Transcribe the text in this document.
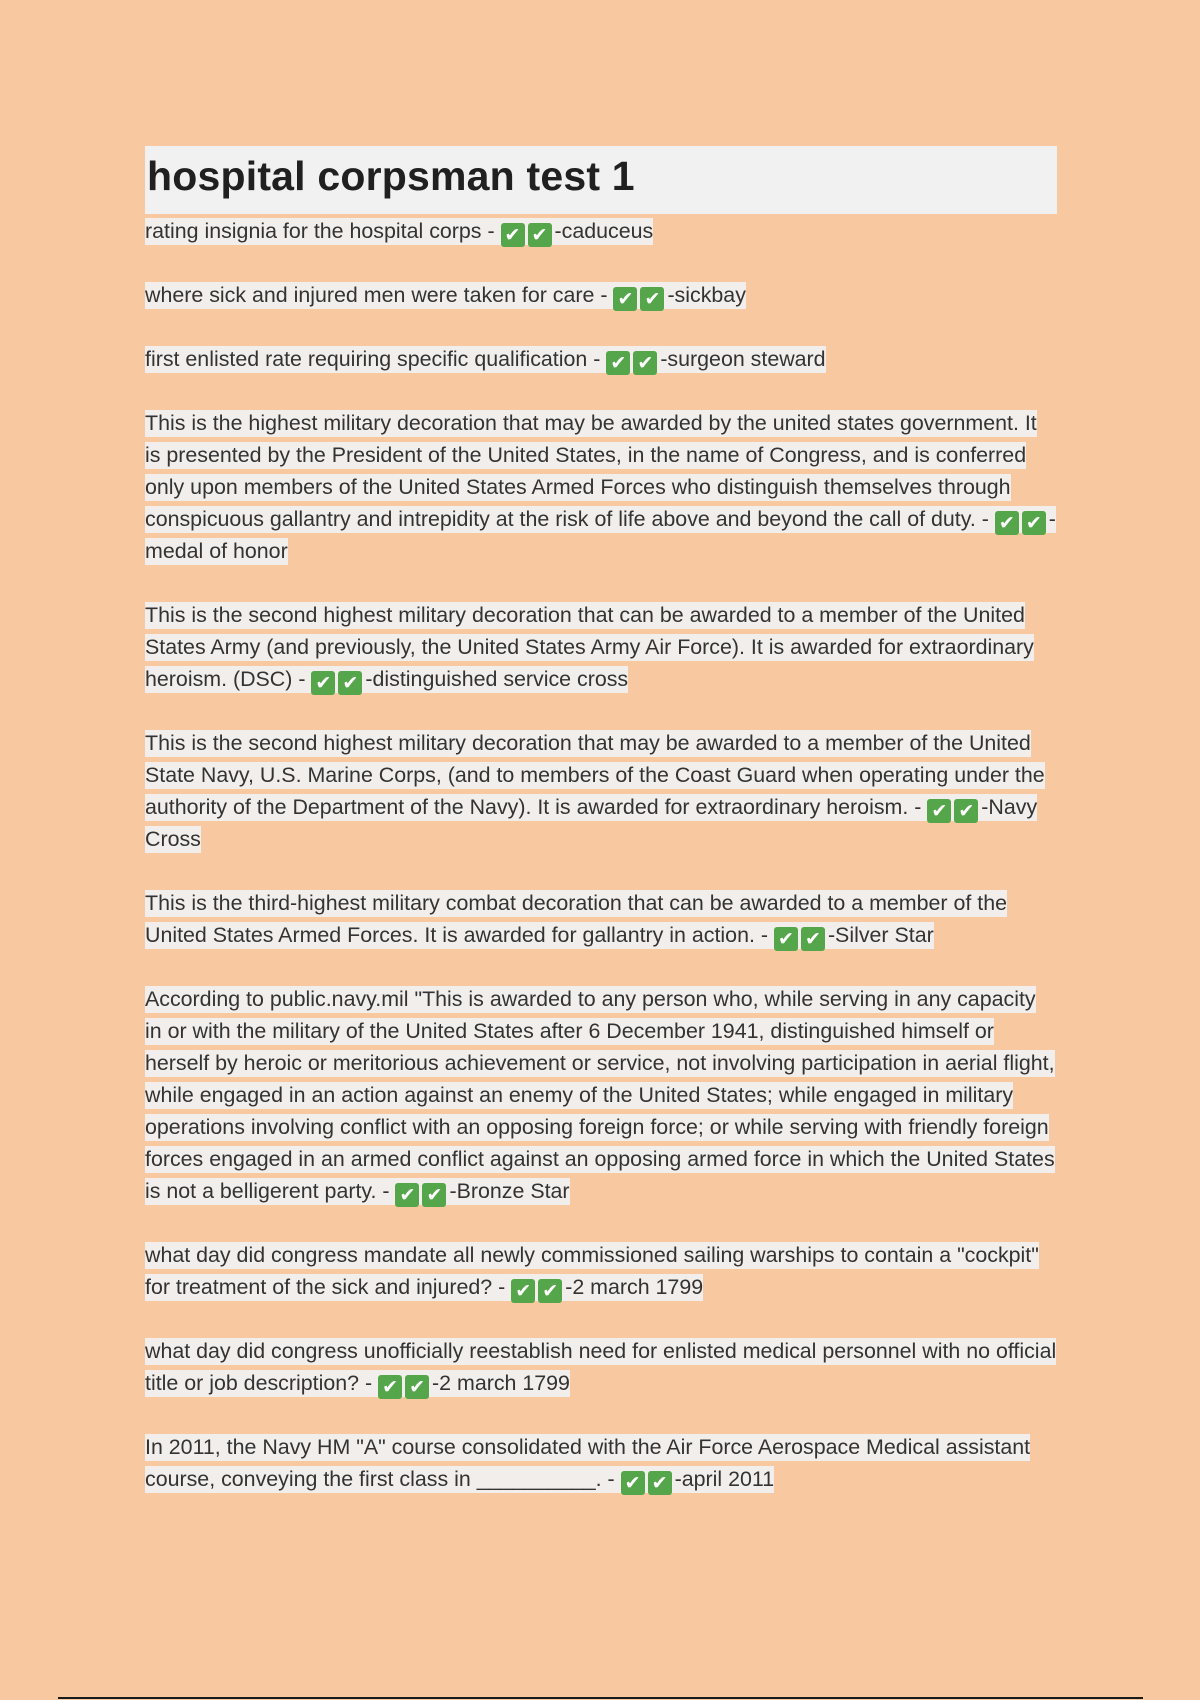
hospital corpsman test 1

rating insignia for the hospital corps - ✔ ✔ -caduceus

where sick and injured men were taken for care - ✔ ✔ -sickbay

first enlisted rate requiring specific qualification - ✔ ✔ -surgeon steward

This is the highest military decoration that may be awarded by the united states government. It is presented by the President of the United States, in the name of Congress, and is conferred only upon members of the United States Armed Forces who distinguish themselves through conspicuous gallantry and intrepidity at the risk of life above and beyond the call of duty. - ✔ ✔ -medal of honor

This is the second highest military decoration that can be awarded to a member of the United States Army (and previously, the United States Army Air Force). It is awarded for extraordinary heroism. (DSC) - ✔ ✔ -distinguished service cross

This is the second highest military decoration that may be awarded to a member of the United State Navy, U.S. Marine Corps, (and to members of the Coast Guard when operating under the authority of the Department of the Navy). It is awarded for extraordinary heroism. - ✔ ✔ -Navy Cross

This is the third-highest military combat decoration that can be awarded to a member of the United States Armed Forces. It is awarded for gallantry in action. - ✔ ✔ -Silver Star

According to public.navy.mil "This is awarded to any person who, while serving in any capacity in or with the military of the United States after 6 December 1941, distinguished himself or herself by heroic or meritorious achievement or service, not involving participation in aerial flight, while engaged in an action against an enemy of the United States; while engaged in military operations involving conflict with an opposing foreign force; or while serving with friendly foreign forces engaged in an armed conflict against an opposing armed force in which the United States is not a belligerent party. - ✔ ✔ -Bronze Star

what day did congress mandate all newly commissioned sailing warships to contain a "cockpit" for treatment of the sick and injured? - ✔ ✔ -2 march 1799

what day did congress unofficially reestablish need for enlisted medical personnel with no official title or job description? - ✔ ✔ -2 march 1799

In 2011, the Navy HM "A" course consolidated with the Air Force Aerospace Medical assistant course, conveying the first class in __________. - ✔ ✔ -april 2011
